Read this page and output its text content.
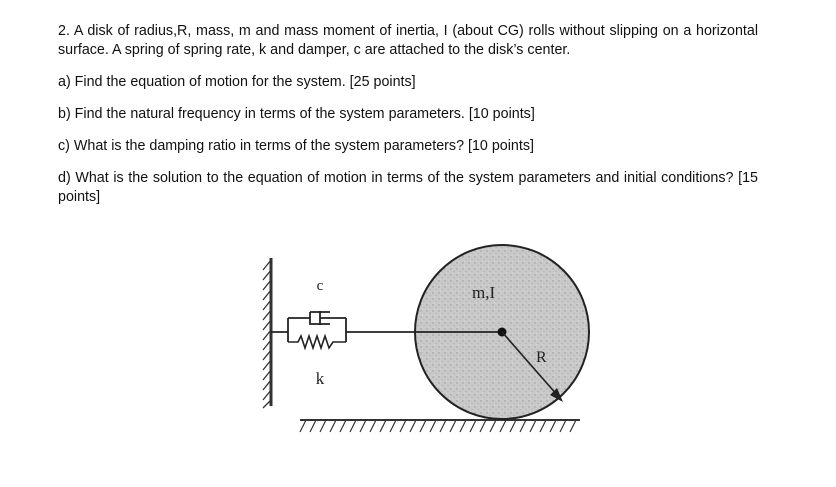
2. A disk of radius,R, mass, m and mass moment of inertia, I (about CG) rolls without slipping on a horizontal surface. A spring of spring rate, k and damper, c are attached to the disk’s center.

a) Find the equation of motion for the system. [25 points]

b) Find the natural frequency in terms of the system parameters. [10 points]

c) What is the damping ratio in terms of the system parameters? [10 points]

d) What is the solution to the equation of motion in terms of the system parameters and initial conditions? [15 points]

c
k
m,I
R
